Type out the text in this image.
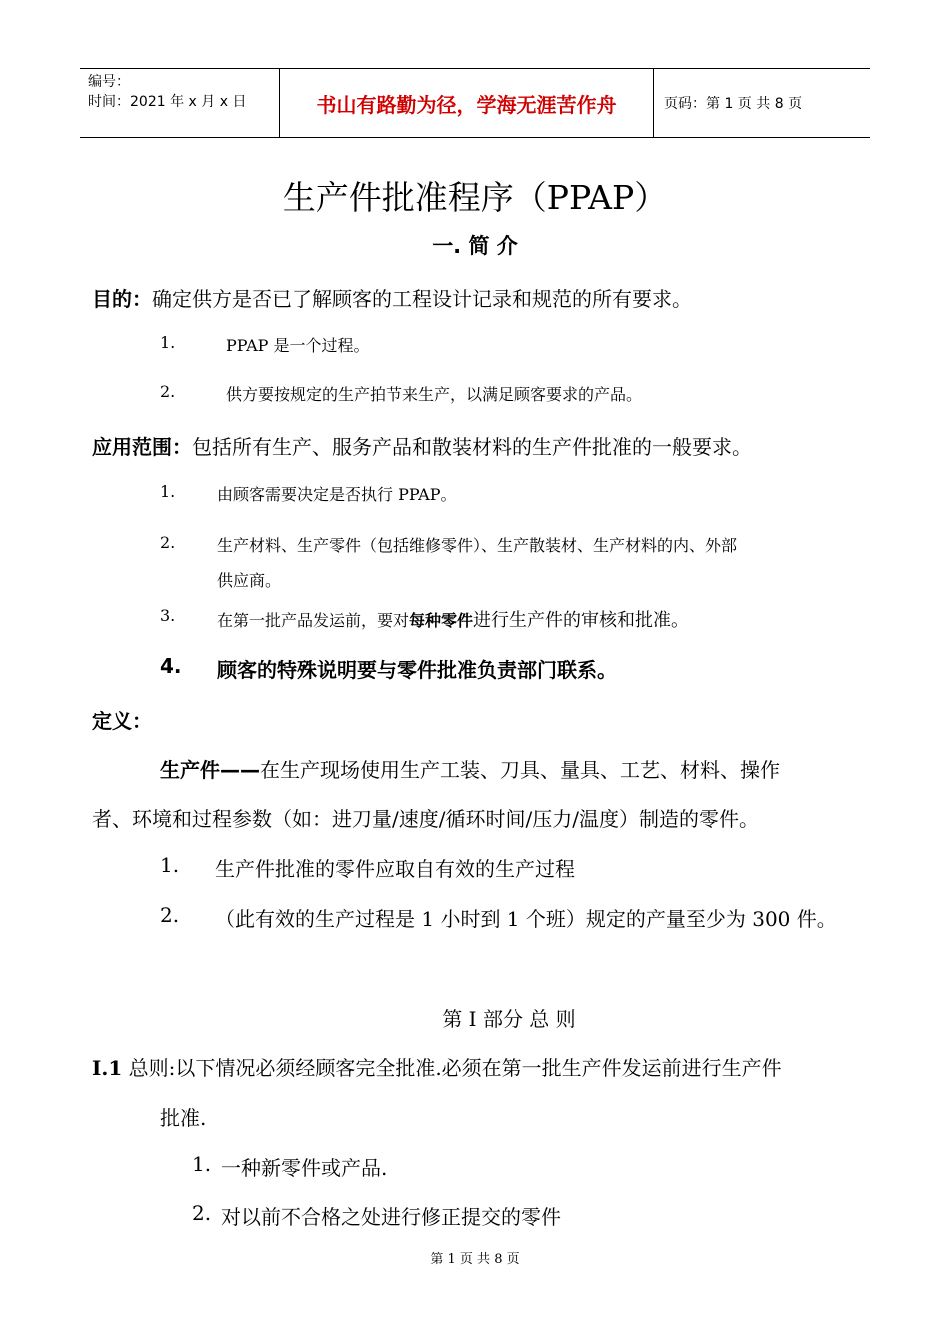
编号：
时间：2021 年 x 月 x 日	书山有路勤为径，学海无涯苦作舟	页码：第 1 页 共 8 页
生产件批准程序（PPAP）
一. 简 介
目的：确定供方是否已了解顾客的工程设计记录和规范的所有要求。
1.	PPAP 是一个过程。
2.	供方要按规定的生产拍节来生产，以满足顾客要求的产品。
应用范围：包括所有生产、服务产品和散装材料的生产件批准的一般要求。
1.	由顾客需要决定是否执行 PPAP。
2.	生产材料、生产零件（包括维修零件）、生产散装材、生产材料的内、外部
供应商。
3.	在第一批产品发运前，要对每种零件进行生产件的审核和批准。
4. 顾客的特殊说明要与零件批准负责部门联系。
定义：
生产件——在生产现场使用生产工装、刀具、量具、工艺、材料、操作
者、环境和过程参数（如：进刀量/速度/循环时间/压力/温度）制造的零件。
1. 生产件批准的零件应取自有效的生产过程
2. （此有效的生产过程是 1 小时到 1 个班）规定的产量至少为 300 件。
第 I 部分 总 则
I.1 总则:以下情况必须经顾客完全批准.必须在第一批生产件发运前进行生产件
批准.
1. 一种新零件或产品.
2. 对以前不合格之处进行修正提交的零件
第 1 页 共 8 页
